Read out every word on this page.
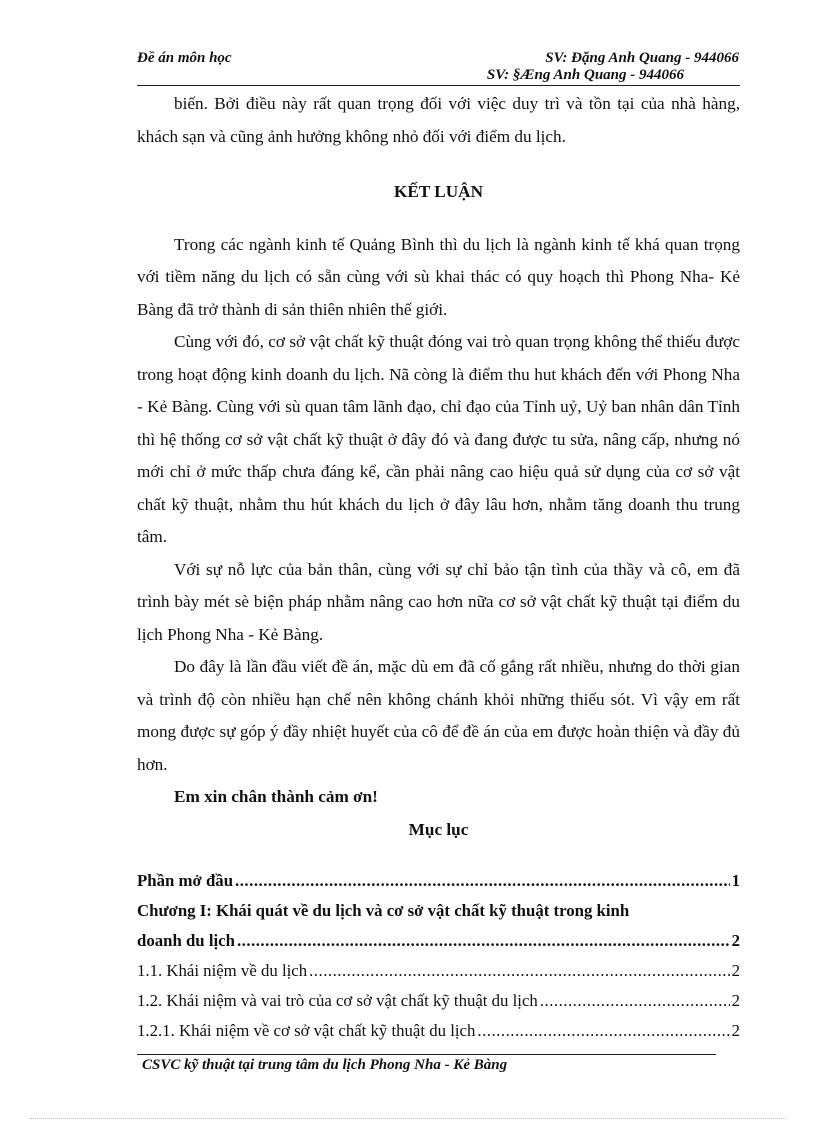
Đề án môn học	SV: Đặng Anh Quang - 944066
SV: §Æng Anh Quang - 944066

biến. Bởi điều này rất quan trọng đối với việc duy trì và tồn tại của nhà hàng, khách sạn và cũng ảnh hưởng không nhỏ đối với điểm du lịch.

KẾT LUẬN

Trong các ngành kinh tế Quảng Bình thì du lịch là ngành kinh tế khá quan trọng với tiềm năng du lịch có sẵn cùng với sù khai thác có quy hoạch thì Phong Nha- Kẻ Bàng đã trở thành di sản thiên nhiên thế giới.

Cùng với đó, cơ sở vật chất kỹ thuật đóng vai trò quan trọng không thể thiếu được trong hoạt động kinh doanh du lịch. Nã còng là điểm thu hut khách đến với Phong Nha - Kẻ Bàng. Cùng với sù quan tâm lãnh đạo, chỉ đạo của Tỉnh uỷ, Uỷ ban nhân dân Tỉnh thì hệ thống cơ sở vật chất kỹ thuật ở đây đó và đang được tu sửa, nâng cấp, nhưng nó mới chỉ ở mức thấp chưa đáng kể, cần phải nâng cao hiệu quả sử dụng của cơ sở vật chất kỹ thuật, nhằm thu hút khách du lịch ở đây lâu hơn, nhằm tăng doanh thu trung tâm.

Với sự nỗ lực của bản thân, cùng với sự chỉ bảo tận tình của thầy và cô, em đã trình bày mét sè biện pháp nhằm nâng cao hơn nữa cơ sở vật chất kỹ thuật tại điểm du lịch Phong Nha - Kẻ Bàng.

Do đây là lần đầu viết đề án, mặc dù em đã cố gắng rất nhiều, nhưng do thời gian và trình độ còn nhiều hạn chế nên không chánh khỏi những thiếu sót. Vì vậy em rất mong được sự góp ý đầy nhiệt huyết của cô để đề án của em được hoàn thiện và đầy đủ hơn.

Em xin chân thành cảm ơn!

Mục lục

Phần mở đầu .....	1
Chương I: Khái quát về du lịch và cơ sở vật chất kỹ thuật trong kinh
doanh du lịch .....	2
1.1. Khái niệm về du lịch .....	2
1.2. Khái niệm và vai trò của cơ sở vật chất kỹ thuật du lịch .....	2
1.2.1. Khái niệm về cơ sở vật chất kỹ thuật du lịch .....	2
CSVC kỹ thuật tại trung tâm du lịch Phong Nha - Kẻ Bàng
